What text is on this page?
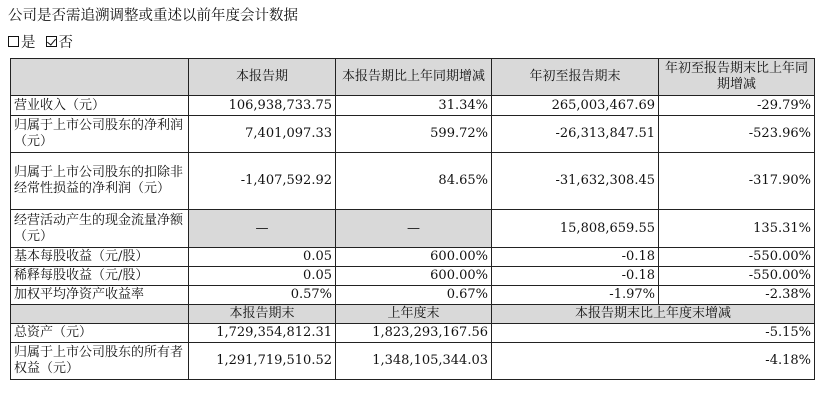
公司是否需追溯调整或重述以前年度会计数据
是 否
	本报告期	本报告期比上年同期增减	年初至报告期末	年初至报告期末比上年同期增减
营业收入（元）	106,938,733.75	31.34%	265,003,467.69	-29.79%
归属于上市公司股东的净利润（元）	7,401,097.33	599.72%	-26,313,847.51	-523.96%
归属于上市公司股东的扣除非经常性损益的净利润（元）	-1,407,592.92	84.65%	-31,632,308.45	-317.90%
经营活动产生的现金流量净额（元）	—	—	15,808,659.55	135.31%
基本每股收益（元/股）	0.05	600.00%	-0.18	-550.00%
稀释每股收益（元/股）	0.05	600.00%	-0.18	-550.00%
加权平均净资产收益率	0.57%	0.67%	-1.97%	-2.38%
	本报告期末	上年度末	本报告期末比上年度末增减	
总资产（元）	1,729,354,812.31	1,823,293,167.56	-5.15%	
归属于上市公司股东的所有者权益（元）	1,291,719,510.52	1,348,105,344.03	-4.18%	
